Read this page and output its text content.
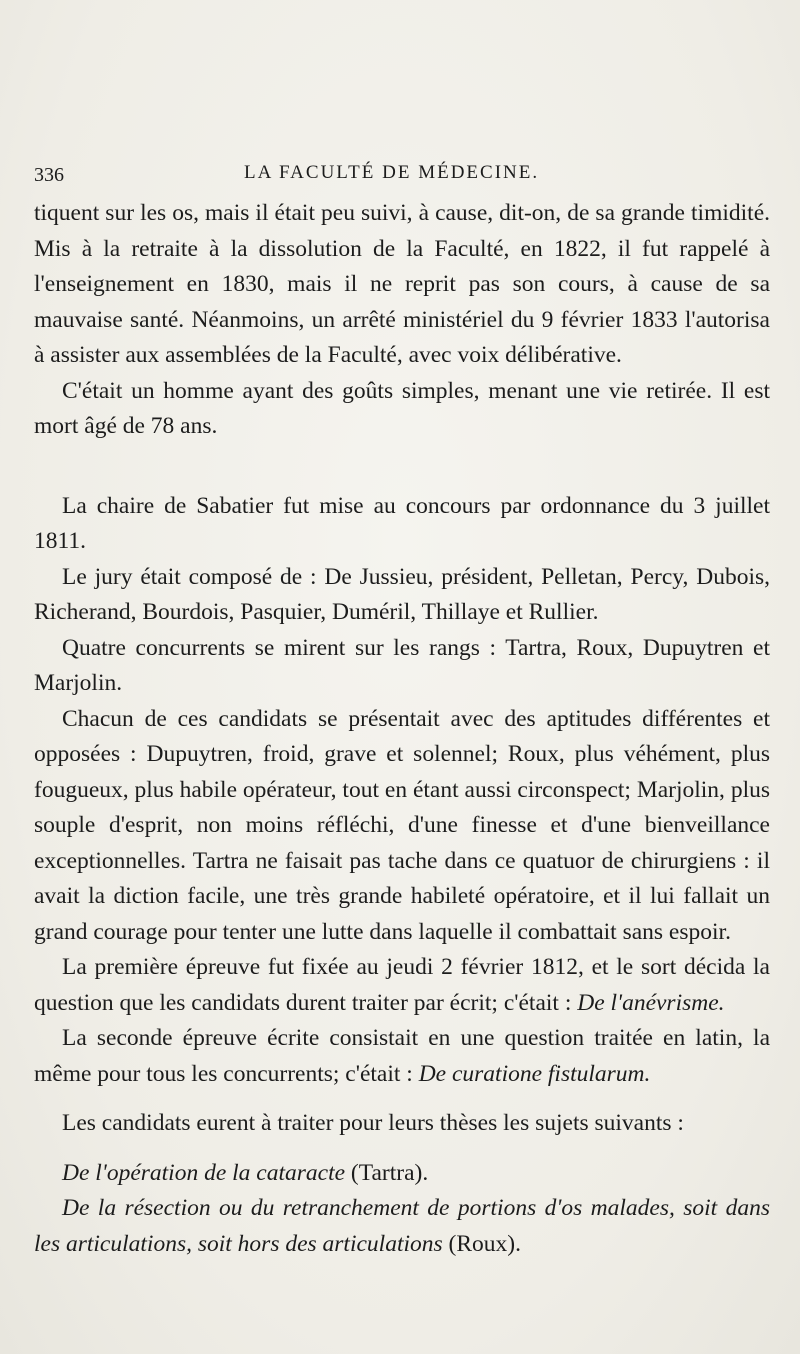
336	LA FACULTÉ DE MÉDECINE.

tiquent sur les os, mais il était peu suivi, à cause, dit-on, de sa grande timidité. Mis à la retraite à la dissolution de la Faculté, en 1822, il fut rappelé à l'enseignement en 1830, mais il ne reprit pas son cours, à cause de sa mauvaise santé. Néanmoins, un arrêté ministériel du 9 février 1833 l'autorisa à assister aux assemblées de la Faculté, avec voix délibérative.

C'était un homme ayant des goûts simples, menant une vie retirée. Il est mort âgé de 78 ans.

La chaire de Sabatier fut mise au concours par ordonnance du 3 juillet 1811.

Le jury était composé de : De Jussieu, président, Pelletan, Percy, Dubois, Richerand, Bourdois, Pasquier, Duméril, Thillaye et Rullier.

Quatre concurrents se mirent sur les rangs : Tartra, Roux, Dupuytren et Marjolin.

Chacun de ces candidats se présentait avec des aptitudes différentes et opposées : Dupuytren, froid, grave et solennel; Roux, plus véhément, plus fougueux, plus habile opérateur, tout en étant aussi circonspect; Marjolin, plus souple d'esprit, non moins réfléchi, d'une finesse et d'une bienveillance exceptionnelles. Tartra ne faisait pas tache dans ce quatuor de chirurgiens : il avait la diction facile, une très grande habileté opératoire, et il lui fallait un grand courage pour tenter une lutte dans laquelle il combattait sans espoir.

La première épreuve fut fixée au jeudi 2 février 1812, et le sort décida la question que les candidats durent traiter par écrit; c'était : De l'anévrisme.

La seconde épreuve écrite consistait en une question traitée en latin, la même pour tous les concurrents; c'était : De curatione fistularum.

Les candidats eurent à traiter pour leurs thèses les sujets suivants :

De l'opération de la cataracte (Tartra).

De la résection ou du retranchement de portions d'os malades, soit dans les articulations, soit hors des articulations (Roux).
